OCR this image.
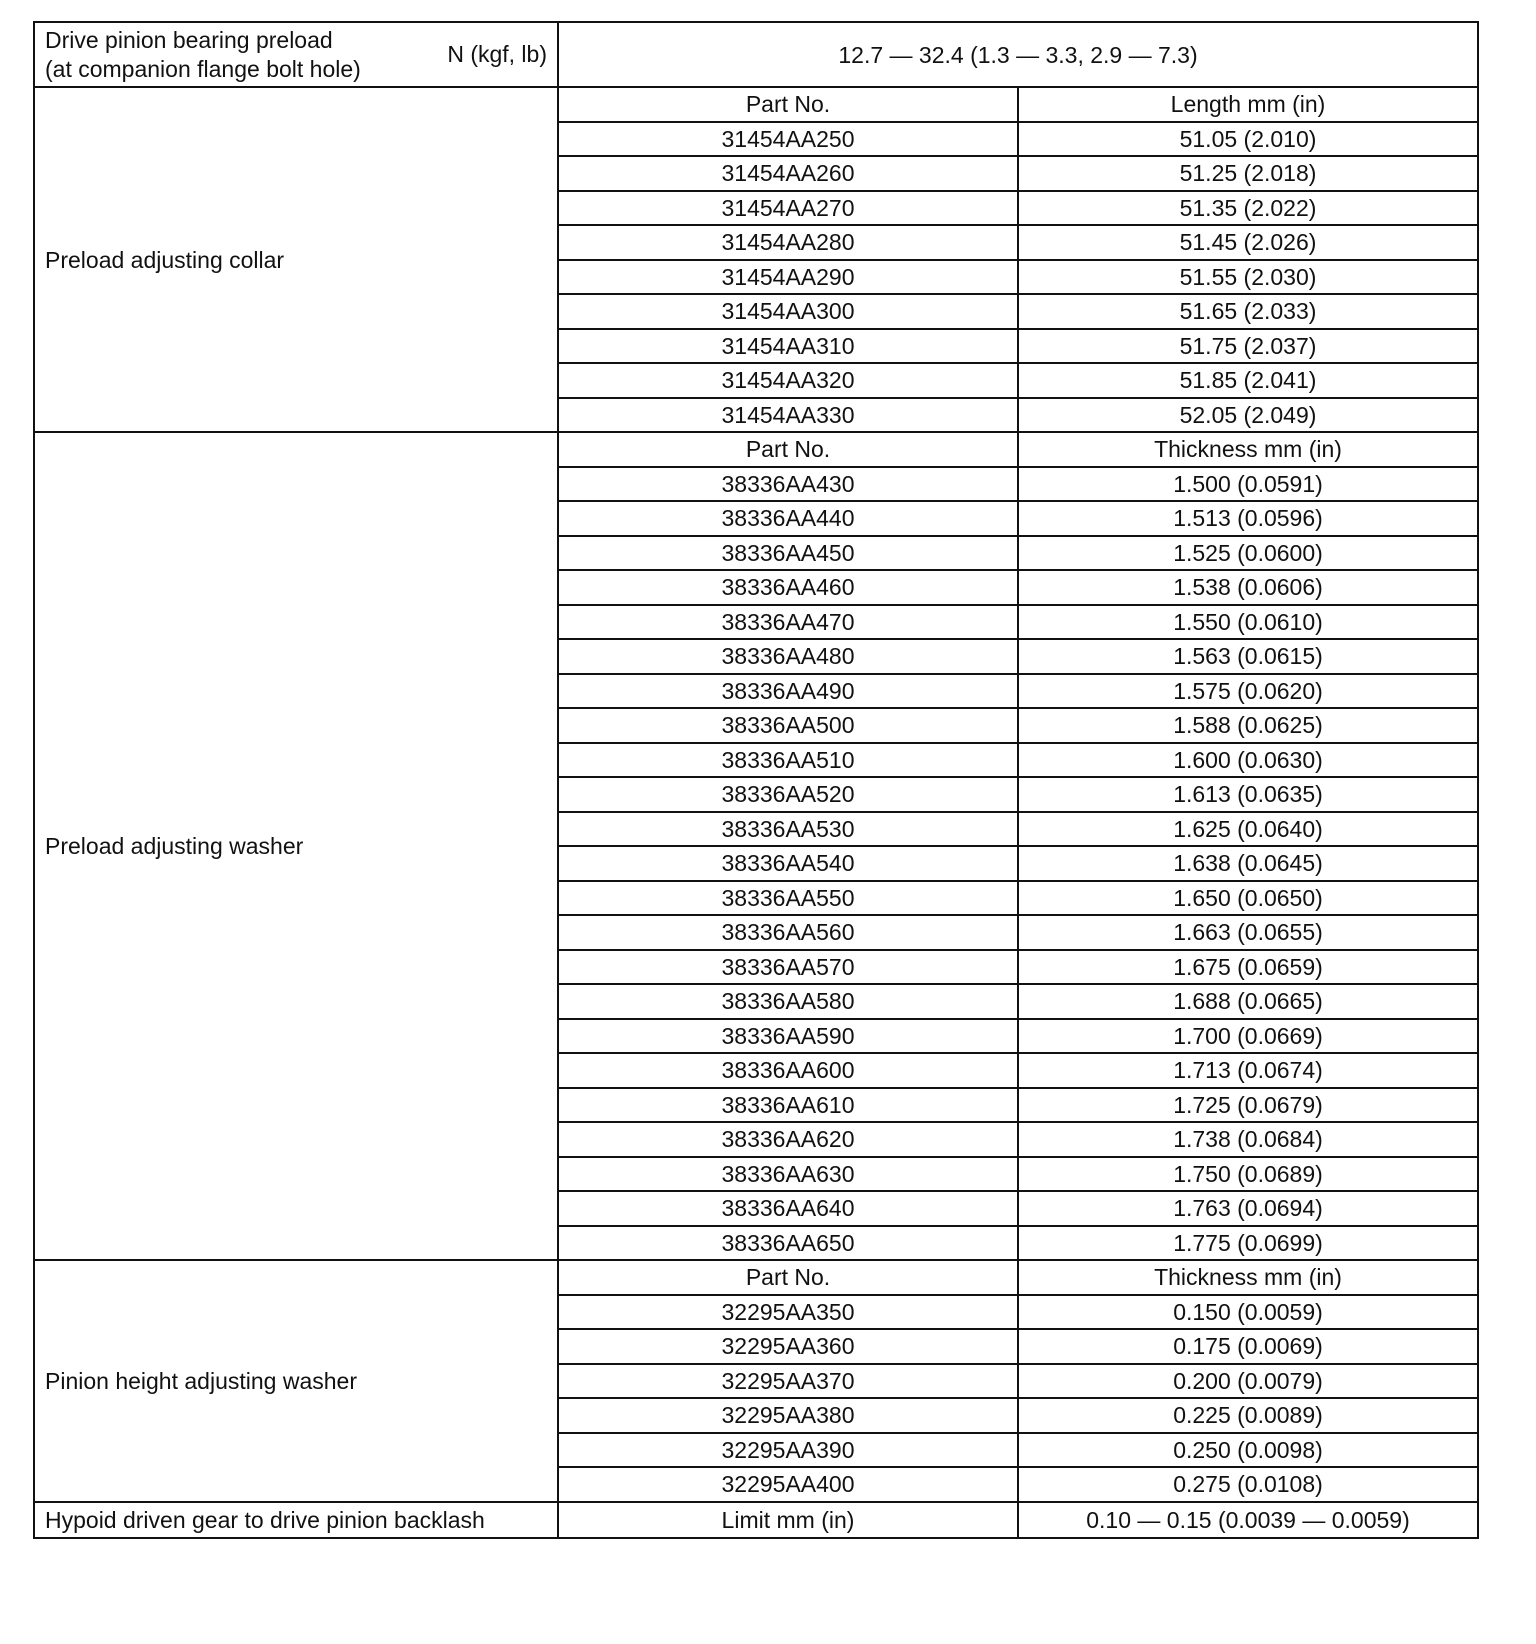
Drive pinion bearing preload
(at companion flange bolt hole)
N (kgf, lb)	12.7 — 32.4 (1.3 — 3.3, 2.9 — 7.3)	
Preload adjusting collar	Part No.	Length mm (in)
	31454AA250	51.05 (2.010)
	31454AA260	51.25 (2.018)
	31454AA270	51.35 (2.022)
	31454AA280	51.45 (2.026)
	31454AA290	51.55 (2.030)
	31454AA300	51.65 (2.033)
	31454AA310	51.75 (2.037)
	31454AA320	51.85 (2.041)
	31454AA330	52.05 (2.049)
Preload adjusting washer	Part No.	Thickness mm (in)
	38336AA430	1.500 (0.0591)
	38336AA440	1.513 (0.0596)
	38336AA450	1.525 (0.0600)
	38336AA460	1.538 (0.0606)
	38336AA470	1.550 (0.0610)
	38336AA480	1.563 (0.0615)
	38336AA490	1.575 (0.0620)
	38336AA500	1.588 (0.0625)
	38336AA510	1.600 (0.0630)
	38336AA520	1.613 (0.0635)
	38336AA530	1.625 (0.0640)
	38336AA540	1.638 (0.0645)
	38336AA550	1.650 (0.0650)
	38336AA560	1.663 (0.0655)
	38336AA570	1.675 (0.0659)
	38336AA580	1.688 (0.0665)
	38336AA590	1.700 (0.0669)
	38336AA600	1.713 (0.0674)
	38336AA610	1.725 (0.0679)
	38336AA620	1.738 (0.0684)
	38336AA630	1.750 (0.0689)
	38336AA640	1.763 (0.0694)
	38336AA650	1.775 (0.0699)
Pinion height adjusting washer	Part No.	Thickness mm (in)
	32295AA350	0.150 (0.0059)
	32295AA360	0.175 (0.0069)
	32295AA370	0.200 (0.0079)
	32295AA380	0.225 (0.0089)
	32295AA390	0.250 (0.0098)
	32295AA400	0.275 (0.0108)
Hypoid driven gear to drive pinion backlash	Limit mm (in)	0.10 — 0.15 (0.0039 — 0.0059)
